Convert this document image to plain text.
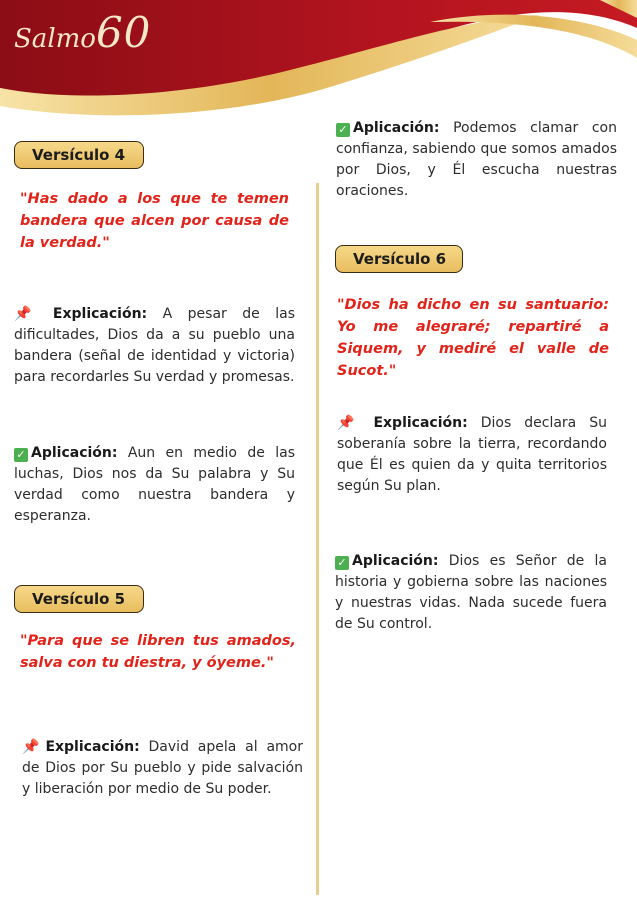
Salmo60
Versículo 4
"Has dado a los que te temen bandera que alcen por causa de la verdad."
📌 Explicación: A pesar de las dificultades, Dios da a su pueblo una bandera (señal de identidad y victoria) para recordarles Su verdad y promesas.
✓ Aplicación: Aun en medio de las luchas, Dios nos da Su palabra y Su verdad como nuestra bandera y esperanza.
Versículo 5
"Para que se libren tus amados, salva con tu diestra, y óyeme."
📌 Explicación: David apela al amor de Dios por Su pueblo y pide salvación y liberación por medio de Su poder.
✓ Aplicación: Podemos clamar con confianza, sabiendo que somos amados por Dios, y Él escucha nuestras oraciones.
Versículo 6
"Dios ha dicho en su santuario: Yo me alegraré; repartiré a Siquem, y mediré el valle de Sucot."
📌 Explicación: Dios declara Su soberanía sobre la tierra, recordando que Él es quien da y quita territorios según Su plan.
✓ Aplicación: Dios es Señor de la historia y gobierna sobre las naciones y nuestras vidas. Nada sucede fuera de Su control.
